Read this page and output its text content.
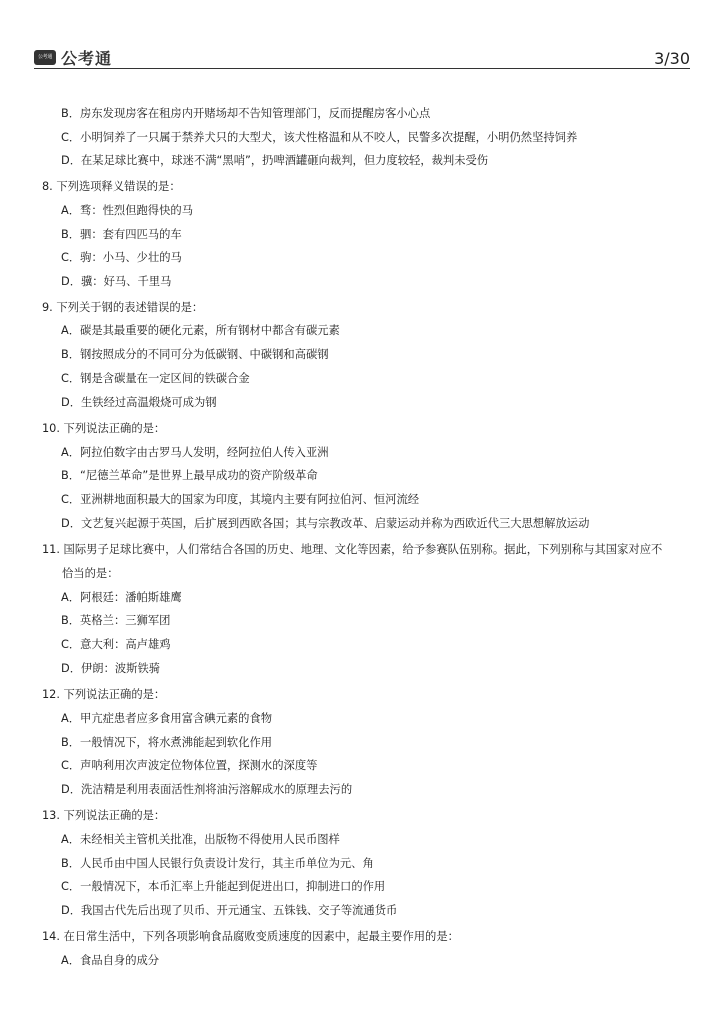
公考通 公考通	3/30
B．房东发现房客在租房内开赌场却不告知管理部门，反而提醒房客小心点
C．小明饲养了一只属于禁养犬只的大型犬，该犬性格温和从不咬人，民警多次提醒，小明仍然坚持饲养
D．在某足球比赛中，球迷不满“黑哨”，扔啤酒罐砸向裁判，但力度较轻，裁判未受伤
8. 下列选项释义错误的是：
A．骛：性烈但跑得快的马
B．驷：套有四匹马的车
C．驹：小马、少壮的马
D．骥：好马、千里马
9. 下列关于钢的表述错误的是：
A．碳是其最重要的硬化元素，所有钢材中都含有碳元素
B．钢按照成分的不同可分为低碳钢、中碳钢和高碳钢
C．钢是含碳量在一定区间的铁碳合金
D．生铁经过高温煅烧可成为钢
10. 下列说法正确的是：
A．阿拉伯数字由古罗马人发明，经阿拉伯人传入亚洲
B．“尼德兰革命”是世界上最早成功的资产阶级革命
C．亚洲耕地面积最大的国家为印度，其境内主要有阿拉伯河、恒河流经
D．文艺复兴起源于英国，后扩展到西欧各国；其与宗教改革、启蒙运动并称为西欧近代三大思想解放运动
11. 国际男子足球比赛中，人们常结合各国的历史、地理、文化等因素，给予参赛队伍别称。据此，下列别称与其国家对应不
恰当的是：
A．阿根廷：潘帕斯雄鹰
B．英格兰：三狮军团
C．意大利：高卢雄鸡
D．伊朗：波斯铁骑
12. 下列说法正确的是：
A．甲亢症患者应多食用富含碘元素的食物
B．一般情况下，将水煮沸能起到软化作用
C．声呐利用次声波定位物体位置，探测水的深度等
D．洗洁精是利用表面活性剂将油污溶解成水的原理去污的
13. 下列说法正确的是：
A．未经相关主管机关批准，出版物不得使用人民币图样
B．人民币由中国人民银行负责设计发行，其主币单位为元、角
C．一般情况下，本币汇率上升能起到促进出口，抑制进口的作用
D．我国古代先后出现了贝币、开元通宝、五铢钱、交子等流通货币
14. 在日常生活中，下列各项影响食品腐败变质速度的因素中，起最主要作用的是：
A．食品自身的成分
